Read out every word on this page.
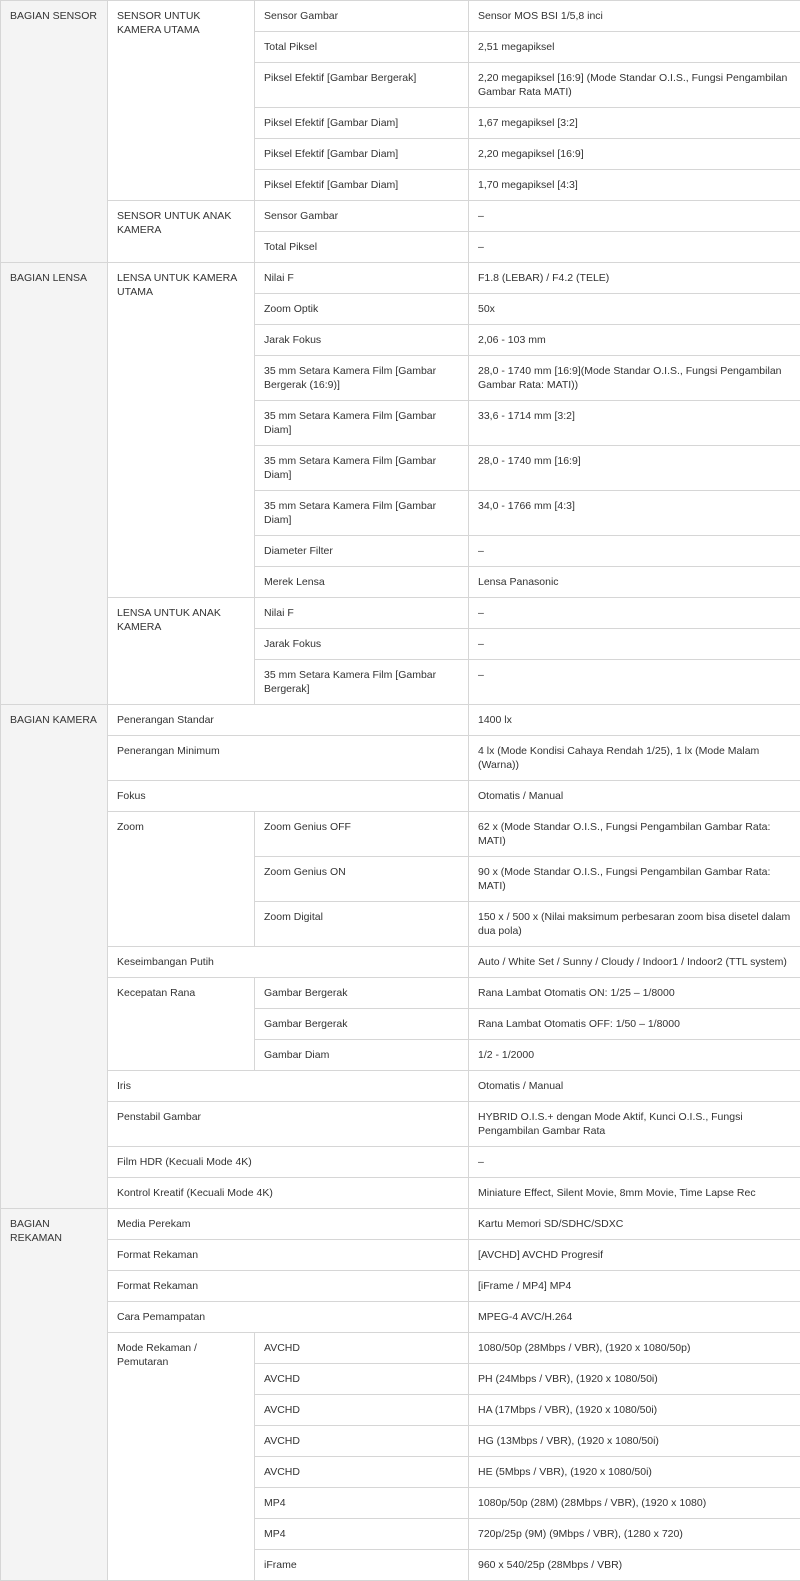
BAGIAN SENSOR	SENSOR UNTUK KAMERA UTAMA	Sensor Gambar	Sensor MOS BSI 1/5,8 inci
		Total Piksel	2,51 megapiksel
		Piksel Efektif [Gambar Bergerak]	2,20 megapiksel [16:9] (Mode Standar O.I.S., Fungsi Pengambilan Gambar Rata MATI)
		Piksel Efektif [Gambar Diam]	1,67 megapiksel [3:2]
		Piksel Efektif [Gambar Diam]	2,20 megapiksel [16:9]
		Piksel Efektif [Gambar Diam]	1,70 megapiksel [4:3]
	SENSOR UNTUK ANAK KAMERA	Sensor Gambar	–
		Total Piksel	–
BAGIAN LENSA	LENSA UNTUK KAMERA UTAMA	Nilai F	F1.8 (LEBAR) / F4.2 (TELE)
		Zoom Optik	50x
		Jarak Fokus	2,06 - 103 mm
		35 mm Setara Kamera Film [Gambar Bergerak (16:9)]	28,0 - 1740 mm [16:9](Mode Standar O.I.S., Fungsi Pengambilan Gambar Rata: MATI))
		35 mm Setara Kamera Film [Gambar Diam]	33,6 - 1714 mm [3:2]
		35 mm Setara Kamera Film [Gambar Diam]	28,0 - 1740 mm [16:9]
		35 mm Setara Kamera Film [Gambar Diam]	34,0 - 1766 mm [4:3]
		Diameter Filter	–
		Merek Lensa	Lensa Panasonic
	LENSA UNTUK ANAK KAMERA	Nilai F	–
		Jarak Fokus	–
		35 mm Setara Kamera Film [Gambar Bergerak]	–
BAGIAN KAMERA	Penerangan Standar		1400 lx
	Penerangan Minimum		4 lx (Mode Kondisi Cahaya Rendah 1/25), 1 lx (Mode Malam (Warna))
	Fokus		Otomatis / Manual
	Zoom	Zoom Genius OFF	62 x (Mode Standar O.I.S., Fungsi Pengambilan Gambar Rata: MATI)
		Zoom Genius ON	90 x (Mode Standar O.I.S., Fungsi Pengambilan Gambar Rata: MATI)
		Zoom Digital	150 x / 500 x (Nilai maksimum perbesaran zoom bisa disetel dalam dua pola)
	Keseimbangan Putih		Auto / White Set / Sunny / Cloudy / Indoor1 / Indoor2 (TTL system)
	Kecepatan Rana	Gambar Bergerak	Rana Lambat Otomatis ON: 1/25 – 1/8000
		Gambar Bergerak	Rana Lambat Otomatis OFF: 1/50 – 1/8000
		Gambar Diam	1/2 - 1/2000
	Iris		Otomatis / Manual
	Penstabil Gambar		HYBRID O.I.S.+ dengan Mode Aktif, Kunci O.I.S., Fungsi Pengambilan Gambar Rata
	Film HDR (Kecuali Mode 4K)		–
	Kontrol Kreatif (Kecuali Mode 4K)		Miniature Effect, Silent Movie, 8mm Movie, Time Lapse Rec
BAGIAN REKAMAN	Media Perekam		Kartu Memori SD/SDHC/SDXC
	Format Rekaman		[AVCHD] AVCHD Progresif
	Format Rekaman		[iFrame / MP4] MP4
	Cara Pemampatan		MPEG-4 AVC/H.264
	Mode Rekaman / Pemutaran	AVCHD	1080/50p (28Mbps / VBR), (1920 x 1080/50p)
		AVCHD	PH (24Mbps / VBR), (1920 x 1080/50i)
		AVCHD	HA (17Mbps / VBR), (1920 x 1080/50i)
		AVCHD	HG (13Mbps / VBR), (1920 x 1080/50i)
		AVCHD	HE (5Mbps / VBR), (1920 x 1080/50i)
		MP4	1080p/50p (28M) (28Mbps / VBR), (1920 x 1080)
		MP4	720p/25p (9M) (9Mbps / VBR), (1280 x 720)
		iFrame	960 x 540/25p (28Mbps / VBR)
